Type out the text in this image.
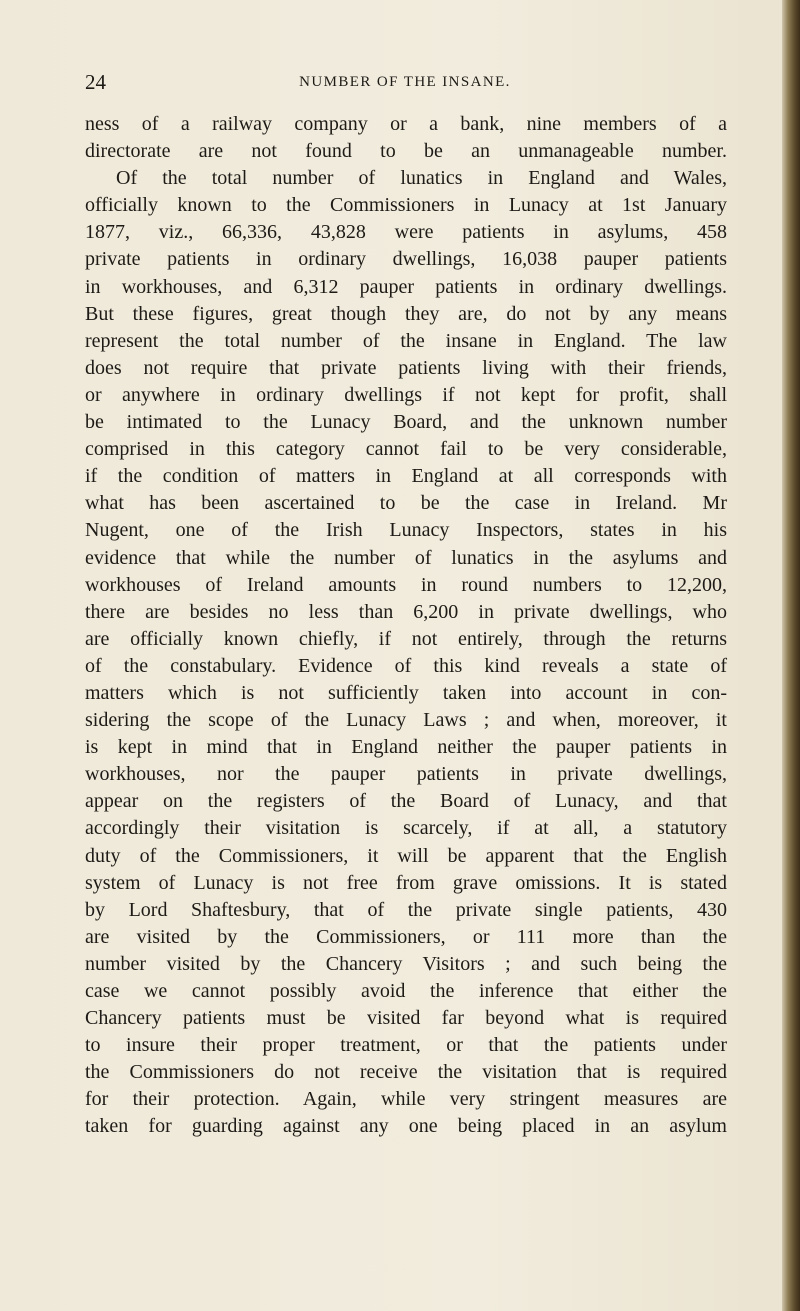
24	NUMBER OF THE INSANE.
ness of a railway company or a bank, nine members of a
directorate are not found to be an unmanageable number.
Of the total number of lunatics in England and Wales,
officially known to the Commissioners in Lunacy at 1st January
1877, viz., 66,336, 43,828 were patients in asylums, 458
private patients in ordinary dwellings, 16,038 pauper patients
in workhouses, and 6,312 pauper patients in ordinary dwellings.
But these figures, great though they are, do not by any means
represent the total number of the insane in England. The law
does not require that private patients living with their friends,
or anywhere in ordinary dwellings if not kept for profit, shall
be intimated to the Lunacy Board, and the unknown number
comprised in this category cannot fail to be very considerable,
if the condition of matters in England at all corresponds with
what has been ascertained to be the case in Ireland. Mr
Nugent, one of the Irish Lunacy Inspectors, states in his
evidence that while the number of lunatics in the asylums and
workhouses of Ireland amounts in round numbers to 12,200,
there are besides no less than 6,200 in private dwellings, who
are officially known chiefly, if not entirely, through the returns
of the constabulary. Evidence of this kind reveals a state of
matters which is not sufficiently taken into account in con-
sidering the scope of the Lunacy Laws ; and when, moreover, it
is kept in mind that in England neither the pauper patients in
workhouses, nor the pauper patients in private dwellings,
appear on the registers of the Board of Lunacy, and that
accordingly their visitation is scarcely, if at all, a statutory
duty of the Commissioners, it will be apparent that the English
system of Lunacy is not free from grave omissions. It is stated
by Lord Shaftesbury, that of the private single patients, 430
are visited by the Commissioners, or 111 more than the
number visited by the Chancery Visitors ; and such being the
case we cannot possibly avoid the inference that either the
Chancery patients must be visited far beyond what is required
to insure their proper treatment, or that the patients under
the Commissioners do not receive the visitation that is required
for their protection. Again, while very stringent measures are
taken for guarding against any one being placed in an asylum
